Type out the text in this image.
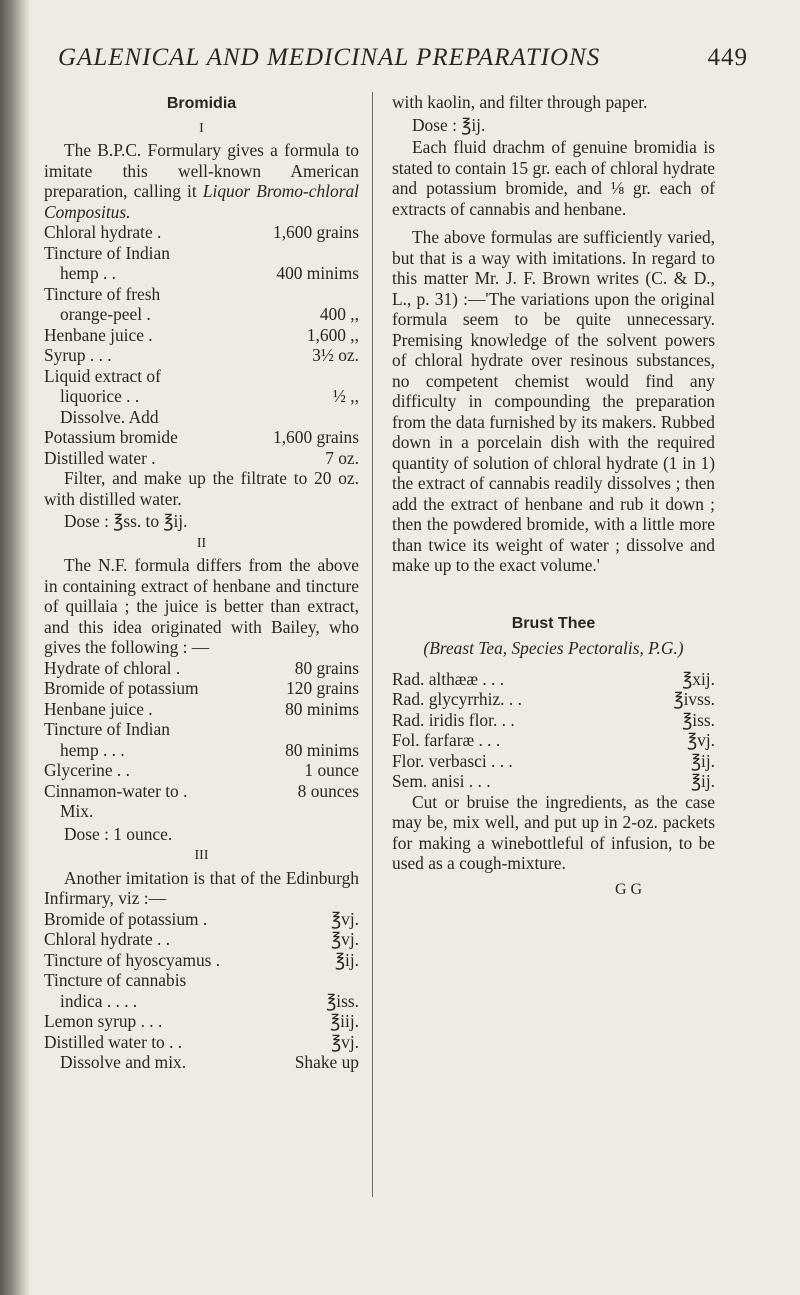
GALENICAL AND MEDICINAL PREPARATIONS	449
Bromidia
I

The B.P.C. Formulary gives a formula to imitate this well-known American preparation, calling it Liquor Bromo-chloral Compositus.

Chloral hydrate .	1,600 grains
Tincture of Indian
hemp . .	400 minims
Tincture of fresh
orange-peel .	400 ,,
Henbane juice .	1,600 ,,
Syrup . . .	3½ oz.
Liquid extract of
liquorice . .	½ ,,
Dissolve. Add
Potassium bromide	1,600 grains
Distilled water .	7 oz.

Filter, and make up the filtrate to 20 oz. with distilled water.

Dose : ℥ss. to ℥ij.
II

The N.F. formula differs from the above in containing extract of henbane and tincture of quillaia ; the juice is better than extract, and this idea originated with Bailey, who gives the following : —

Hydrate of chloral .	80 grains
Bromide of potassium	120 grains
Henbane juice .	80 minims
Tincture of Indian
hemp . . .	80 minims
Glycerine . .	1 ounce
Cinnamon-water to .	8 ounces
Mix.
Dose : 1 ounce.
III

Another imitation is that of the Edinburgh Infirmary, viz :—

Bromide of potassium .	℥vj.
Chloral hydrate . .	℥vj.
Tincture of hyoscyamus .	℥ij.
Tincture of cannabis
indica . . . .	℥iss.
Lemon syrup . . .	℥iij.
Distilled water to . .	℥vj.
Dissolve and mix.	Shake up

with kaolin, and filter through paper.

Dose : ℥ij.

Each fluid drachm of genuine bromidia is stated to contain 15 gr. each of chloral hydrate and potassium bromide, and ⅛ gr. each of extracts of cannabis and henbane.

The above formulas are sufficiently varied, but that is a way with imitations. In regard to this matter Mr. J. F. Brown writes (C. & D., L., p. 31) :—'The variations upon the original formula seem to be quite unnecessary. Premising knowledge of the solvent powers of chloral hydrate over resinous substances, no competent chemist would find any difficulty in compounding the preparation from the data furnished by its makers. Rubbed down in a porcelain dish with the required quantity of solution of chloral hydrate (1 in 1) the extract of cannabis readily dissolves ; then add the extract of henbane and rub it down ; then the powdered bromide, with a little more than twice its weight of water ; dissolve and make up to the exact volume.'

Brust Thee
(Breast Tea, Species Pectoralis, P.G.)
Rad. althææ . . .	℥xij.
Rad. glycyrrhiz. . .	℥ivss.
Rad. iridis flor. . .	℥iss.
Fol. farfaræ . . .	℥vj.
Flor. verbasci . . .	℥ij.
Sem. anisi . . .	℥ij.

Cut or bruise the ingredients, as the case may be, mix well, and put up in 2-oz. packets for making a winebottleful of infusion, to be used as a cough-mixture.

G G
